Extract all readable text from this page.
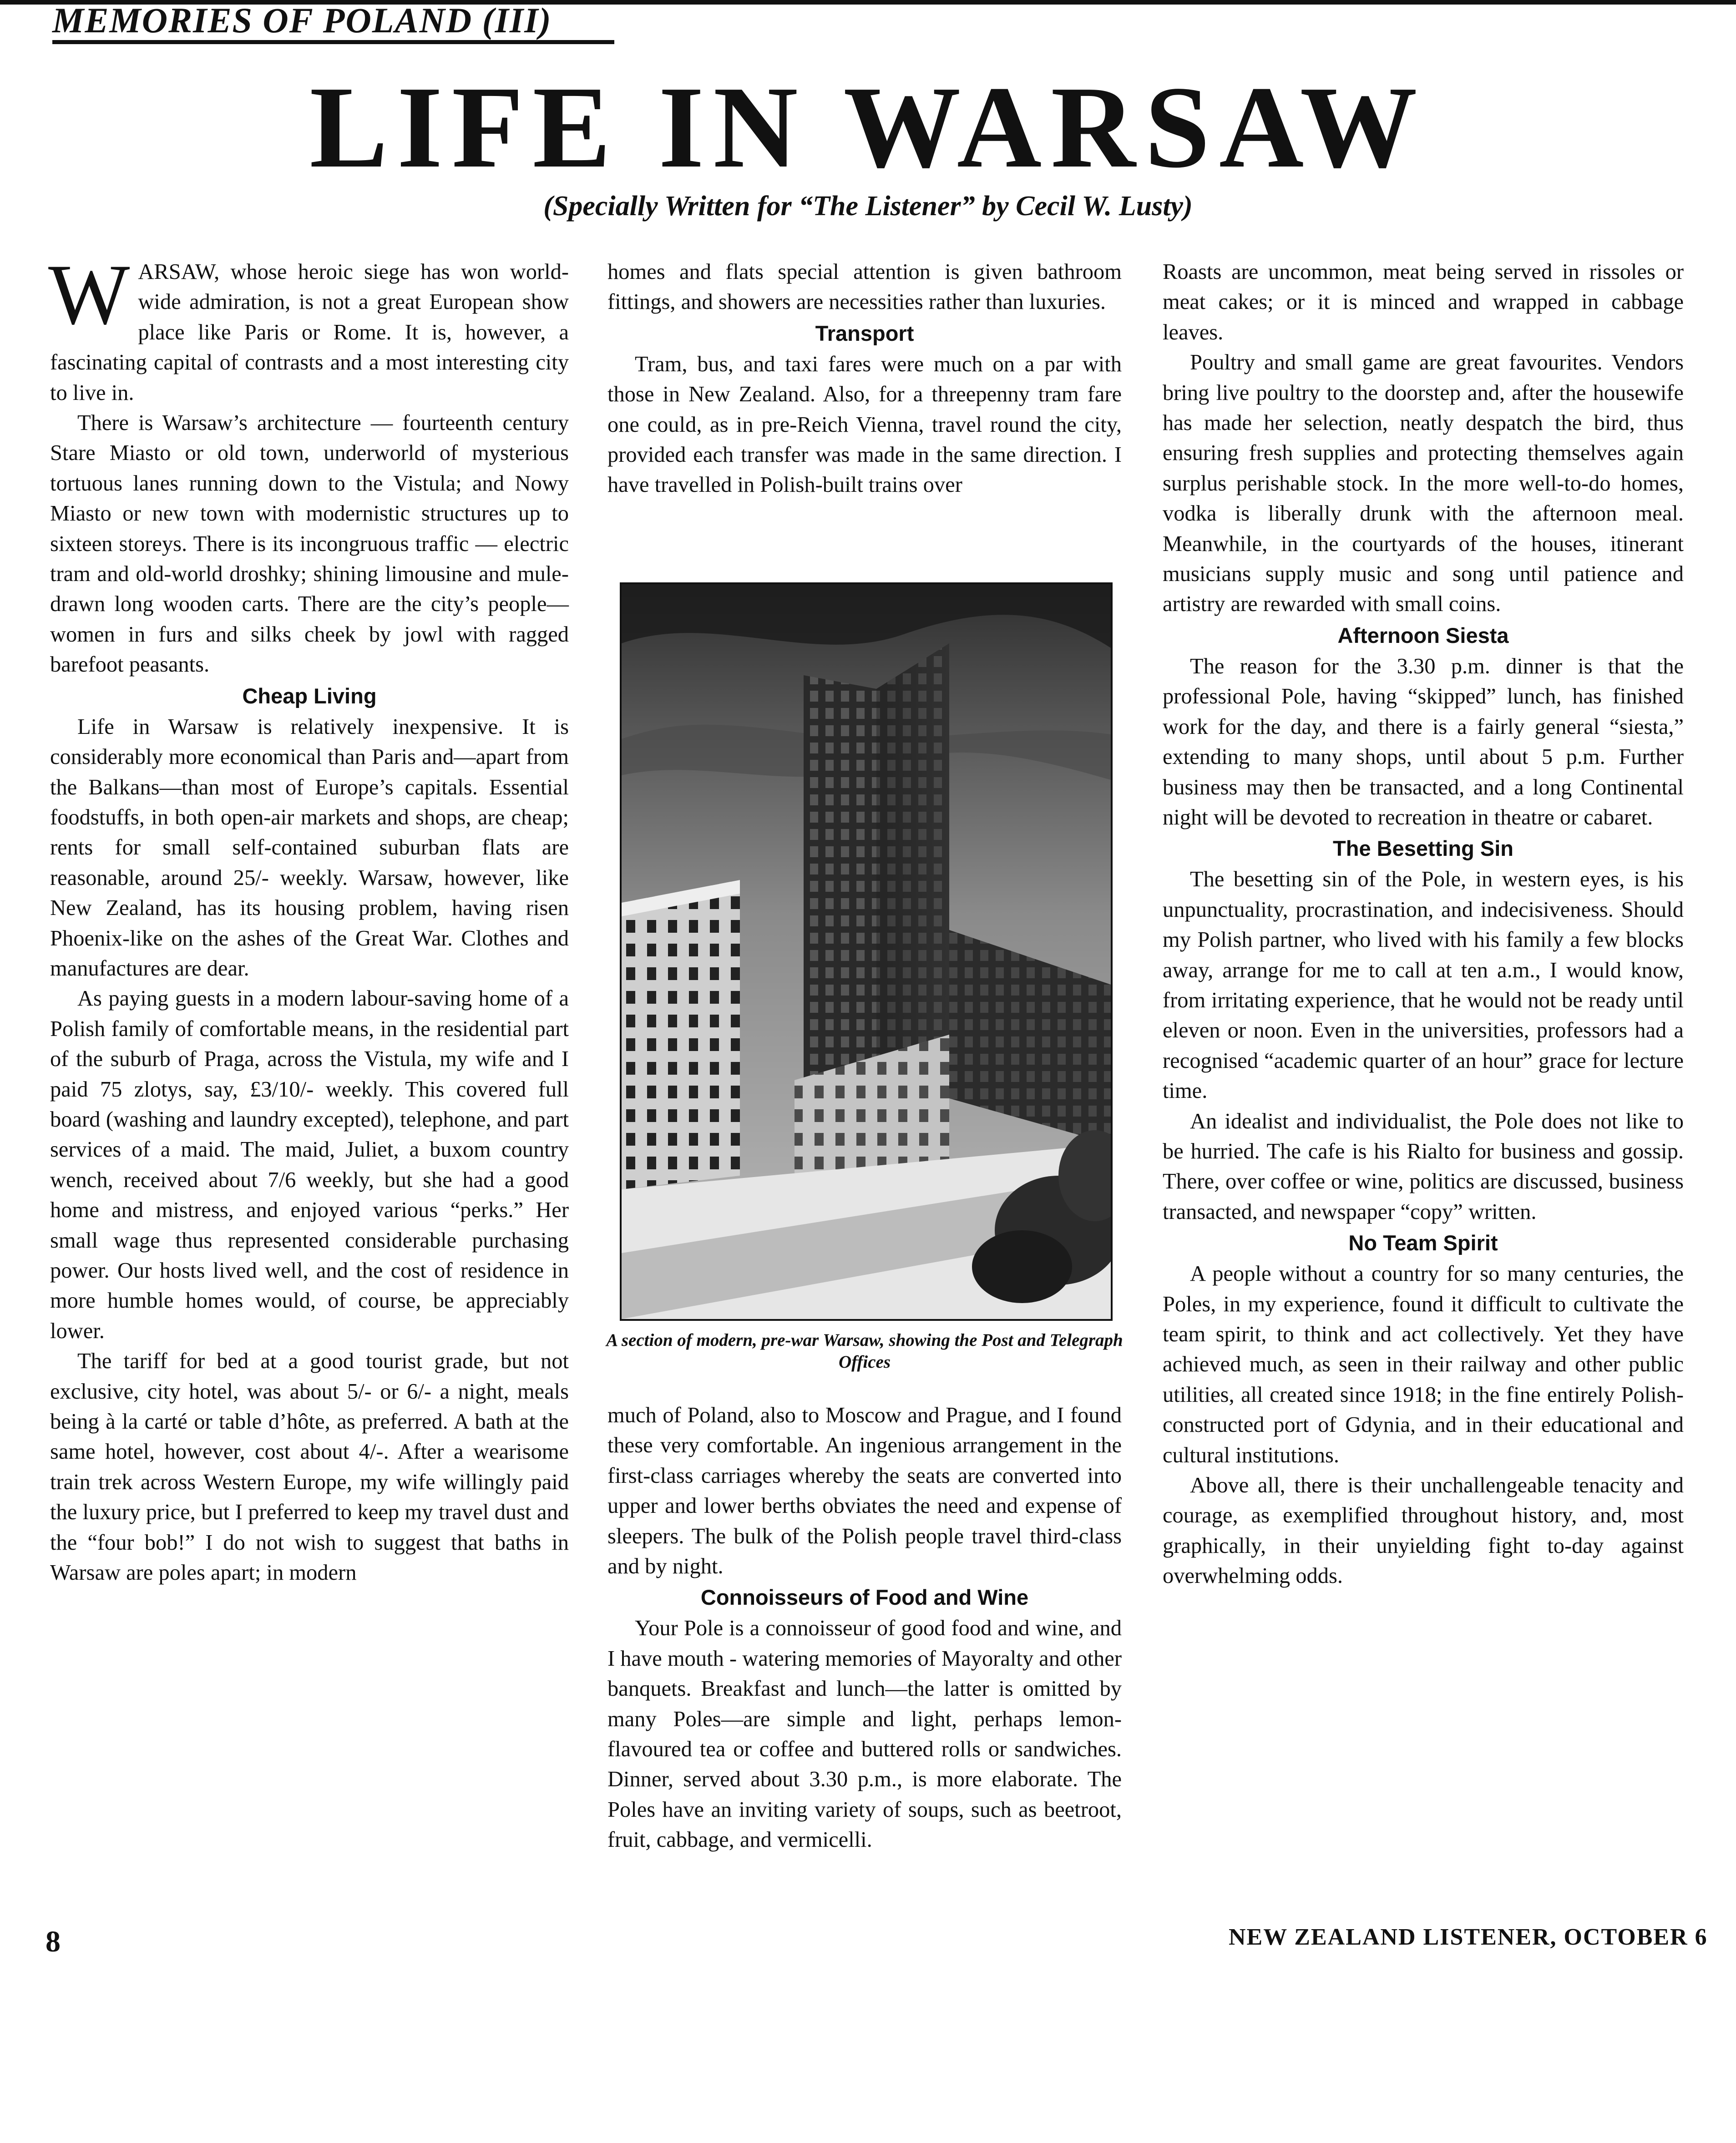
MEMORIES OF POLAND (III)
LIFE IN WARSAW
(Specially Written for “The Listener” by Cecil W. Lusty)
W ARSAW, whose heroic siege has won world-wide admiration, is not a great European show place like Paris or Rome. It is, however, a fascinating capital of contrasts and a most interesting city to live in.

There is Warsaw’s architecture — fourteenth century Stare Miasto or old town, underworld of mysterious tortuous lanes running down to the Vistula; and Nowy Miasto or new town with modernistic structures up to sixteen storeys. There is its incongruous traffic — electric tram and old-world droshky; shining limousine and mule-drawn long wooden carts. There are the city’s people—women in furs and silks cheek by jowl with ragged barefoot peasants.

Cheap Living

Life in Warsaw is relatively inexpensive. It is considerably more economical than Paris and—apart from the Balkans—than most of Europe’s capitals. Essential foodstuffs, in both open-air markets and shops, are cheap; rents for small self-contained suburban flats are reasonable, around 25/- weekly. Warsaw, however, like New Zealand, has its housing problem, having risen Phoenix-like on the ashes of the Great War. Clothes and manufactures are dear.

As paying guests in a modern labour-saving home of a Polish family of comfortable means, in the residential part of the suburb of Praga, across the Vistula, my wife and I paid 75 zlotys, say, £3/10/- weekly. This covered full board (washing and laundry excepted), telephone, and part services of a maid. The maid, Juliet, a buxom country wench, received about 7/6 weekly, but she had a good home and mistress, and enjoyed various “perks.” Her small wage thus represented considerable purchasing power. Our hosts lived well, and the cost of residence in more humble homes would, of course, be appreciably lower.

The tariff for bed at a good tourist grade, but not exclusive, city hotel, was about 5/- or 6/- a night, meals being à la carté or table d’hôte, as preferred. A bath at the same hotel, however, cost about 4/-. After a wearisome train trek across Western Europe, my wife willingly paid the luxury price, but I preferred to keep my travel dust and the “four bob!” I do not wish to suggest that baths in Warsaw are poles apart; in modern

homes and flats special attention is given bathroom fittings, and showers are necessities rather than luxuries.

Transport

Tram, bus, and taxi fares were much on a par with those in New Zealand. Also, for a threepenny tram fare one could, as in pre-Reich Vienna, travel round the city, provided each transfer was made in the same direction. I have travelled in Polish-built trains over

A section of modern, pre-war Warsaw, showing the Post and Telegraph Offices

much of Poland, also to Moscow and Prague, and I found these very comfortable. An ingenious arrangement in the first-class carriages whereby the seats are converted into upper and lower berths obviates the need and expense of sleepers. The bulk of the Polish people travel third-class and by night.

Connoisseurs of Food and Wine

Your Pole is a connoisseur of good food and wine, and I have mouth - watering memories of Mayoralty and other banquets. Breakfast and lunch—the latter is omitted by many Poles—are simple and light, perhaps lemon-flavoured tea or coffee and buttered rolls or sandwiches. Dinner, served about 3.30 p.m., is more elaborate. The Poles have an inviting variety of soups, such as beetroot, fruit, cabbage, and vermicelli.

Roasts are uncommon, meat being served in rissoles or meat cakes; or it is minced and wrapped in cabbage leaves.

Poultry and small game are great favourites. Vendors bring live poultry to the doorstep and, after the housewife has made her selection, neatly despatch the bird, thus ensuring fresh supplies and protecting themselves again surplus perishable stock. In the more well-to-do homes, vodka is liberally drunk with the afternoon meal. Meanwhile, in the courtyards of the houses, itinerant musicians supply music and song until patience and artistry are rewarded with small coins.

Afternoon Siesta

The reason for the 3.30 p.m. dinner is that the professional Pole, having “skipped” lunch, has finished work for the day, and there is a fairly general “siesta,” extending to many shops, until about 5 p.m. Further business may then be transacted, and a long Continental night will be devoted to recreation in theatre or cabaret.

The Besetting Sin

The besetting sin of the Pole, in western eyes, is his unpunctuality, procrastination, and indecisiveness. Should my Polish partner, who lived with his family a few blocks away, arrange for me to call at ten a.m., I would know, from irritating experience, that he would not be ready until eleven or noon. Even in the universities, professors had a recognised “academic quarter of an hour” grace for lecture time.

An idealist and individualist, the Pole does not like to be hurried. The cafe is his Rialto for business and gossip. There, over coffee or wine, politics are discussed, business transacted, and newspaper “copy” written.

No Team Spirit

A people without a country for so many centuries, the Poles, in my experience, found it difficult to cultivate the team spirit, to think and act collectively. Yet they have achieved much, as seen in their railway and other public utilities, all created since 1918; in the fine entirely Polish-constructed port of Gdynia, and in their educational and cultural institutions.

Above all, there is their unchallengeable tenacity and courage, as exemplified throughout history, and, most graphically, in their unyielding fight to-day against overwhelming odds.

8	NEW ZEALAND LISTENER, OCTOBER 6
